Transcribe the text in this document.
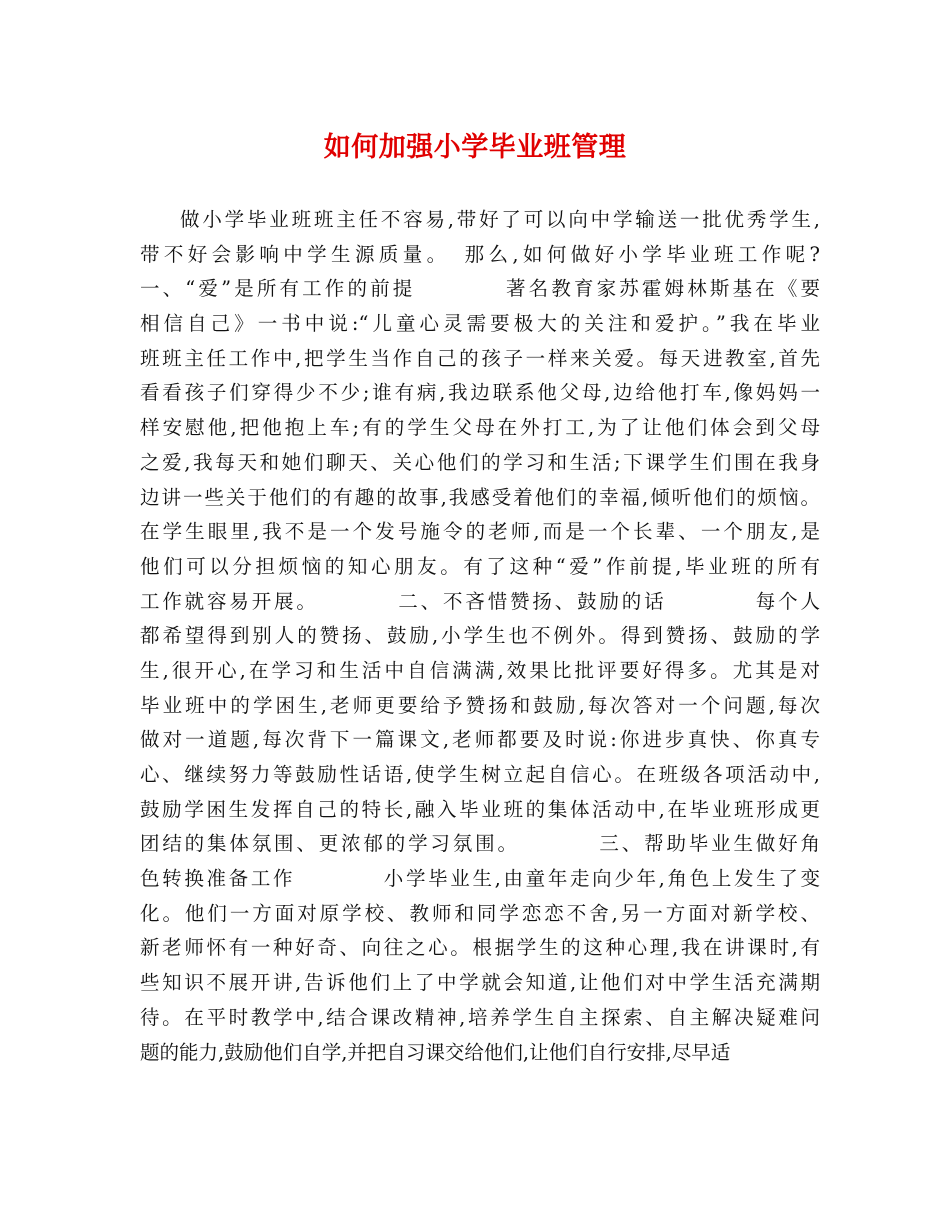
如何加强小学毕业班管理
做小学毕业班班主任不容易,带好了可以向中学输送一批优秀学生,
带不好会影响中学生源质量。　那么,如何做好小学毕业班工作呢?
一、“爱”是所有工作的前提　　　　著名教育家苏霍姆林斯基在《要
相信自己》一书中说:“儿童心灵需要极大的关注和爱护。”我在毕业
班班主任工作中,把学生当作自己的孩子一样来关爱。每天进教室,首先
看看孩子们穿得少不少;谁有病,我边联系他父母,边给他打车,像妈妈一
样安慰他,把他抱上车;有的学生父母在外打工,为了让他们体会到父母
之爱,我每天和她们聊天、关心他们的学习和生活;下课学生们围在我身
边讲一些关于他们的有趣的故事,我感受着他们的幸福,倾听他们的烦恼。
在学生眼里,我不是一个发号施令的老师,而是一个长辈、一个朋友,是
他们可以分担烦恼的知心朋友。有了这种“爱”作前提,毕业班的所有
工作就容易开展。　　　　二、不吝惜赞扬、鼓励的话　　　　每个人
都希望得到别人的赞扬、鼓励,小学生也不例外。得到赞扬、鼓励的学
生,很开心,在学习和生活中自信满满,效果比批评要好得多。尤其是对
毕业班中的学困生,老师更要给予赞扬和鼓励,每次答对一个问题,每次
做对一道题,每次背下一篇课文,老师都要及时说:你进步真快、你真专
心、继续努力等鼓励性话语,使学生树立起自信心。在班级各项活动中,
鼓励学困生发挥自己的特长,融入毕业班的集体活动中,在毕业班形成更
团结的集体氛围、更浓郁的学习氛围。　　　　三、帮助毕业生做好角
色转换准备工作　　　　小学毕业生,由童年走向少年,角色上发生了变
化。他们一方面对原学校、教师和同学恋恋不舍,另一方面对新学校、
新老师怀有一种好奇、向往之心。根据学生的这种心理,我在讲课时,有
些知识不展开讲,告诉他们上了中学就会知道,让他们对中学生活充满期
待。在平时教学中,结合课改精神,培养学生自主探索、自主解决疑难问
题的能力,鼓励他们自学,并把自习课交给他们,让他们自行安排,尽早适
